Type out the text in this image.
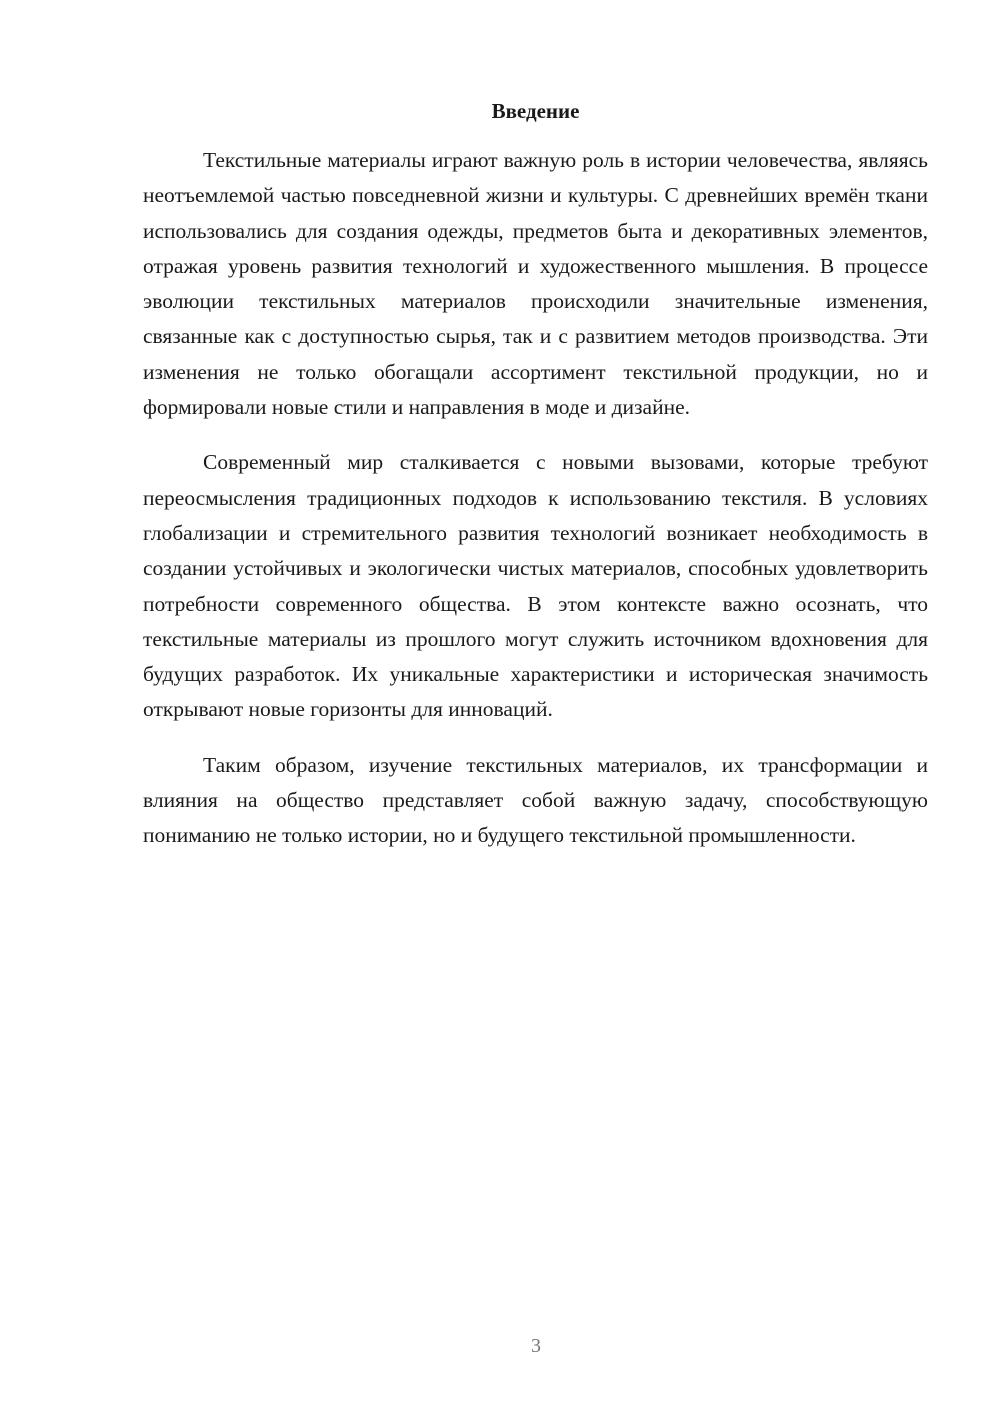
Введение

Текстильные материалы играют важную роль в истории человечества, являясь неотъемлемой частью повседневной жизни и культуры. С древнейших времён ткани использовались для создания одежды, предметов быта и декоративных элементов, отражая уровень развития технологий и художественного мышления. В процессе эволюции текстильных материалов происходили значительные изменения, связанные как с доступностью сырья, так и с развитием методов производства. Эти изменения не только обогащали ассортимент текстильной продукции, но и формировали новые стили и направления в моде и дизайне.

Современный мир сталкивается с новыми вызовами, которые требуют переосмысления традиционных подходов к использованию текстиля. В условиях глобализации и стремительного развития технологий возникает необходимость в создании устойчивых и экологически чистых материалов, способных удовлетворить потребности современного общества. В этом контексте важно осознать, что текстильные материалы из прошлого могут служить источником вдохновения для будущих разработок. Их уникальные характеристики и историческая значимость открывают новые горизонты для инноваций.

Таким образом, изучение текстильных материалов, их трансформации и влияния на общество представляет собой важную задачу, способствующую пониманию не только истории, но и будущего текстильной промышленности.

3
